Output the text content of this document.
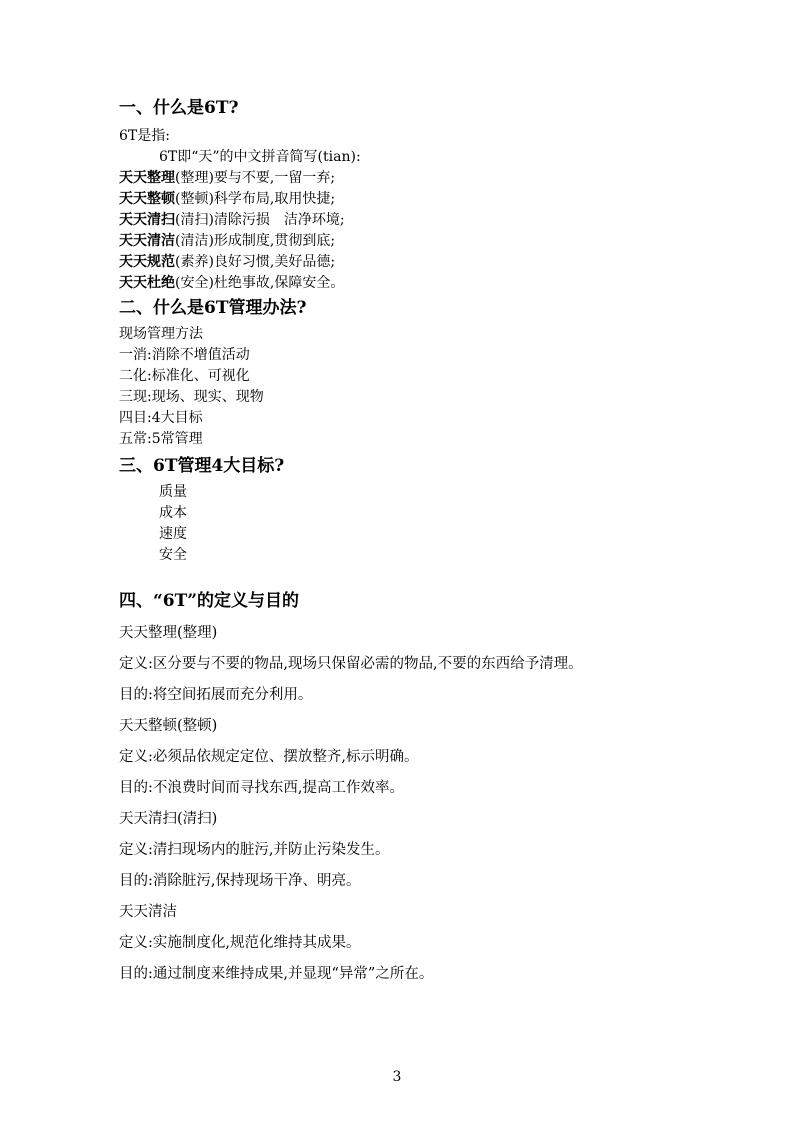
一、什么是6T?

6T是指:

6T即“天”的中文拼音简写(tian):

天天整理(整理)要与不要,一留一弃;

天天整顿(整顿)科学布局,取用快捷;

天天清扫(清扫)清除污损　洁净环境;

天天清洁(清洁)形成制度,贯彻到底;

天天规范(素养)良好习惯,美好品德;

天天杜绝(安全)杜绝事故,保障安全。

二、什么是6T管理办法?

现场管理方法

一消:消除不增值活动

二化:标准化、可视化

三现:现场、现实、现物

四目:4大目标

五常:5常管理

三、6T管理4大目标?

质量

成本

速度

安全

四、“6T”的定义与目的

天天整理(整理)

定义:区分要与不要的物品,现场只保留必需的物品,不要的东西给予清理。

目的:将空间拓展而充分利用。

天天整顿(整顿)

定义:必须品依规定定位、摆放整齐,标示明确。

目的:不浪费时间而寻找东西,提高工作效率。

天天清扫(清扫)

定义:清扫现场内的脏污,并防止污染发生。

目的:消除脏污,保持现场干净、明亮。

天天清洁

定义:实施制度化,规范化维持其成果。

目的:通过制度来维持成果,并显现“异常”之所在。

3
